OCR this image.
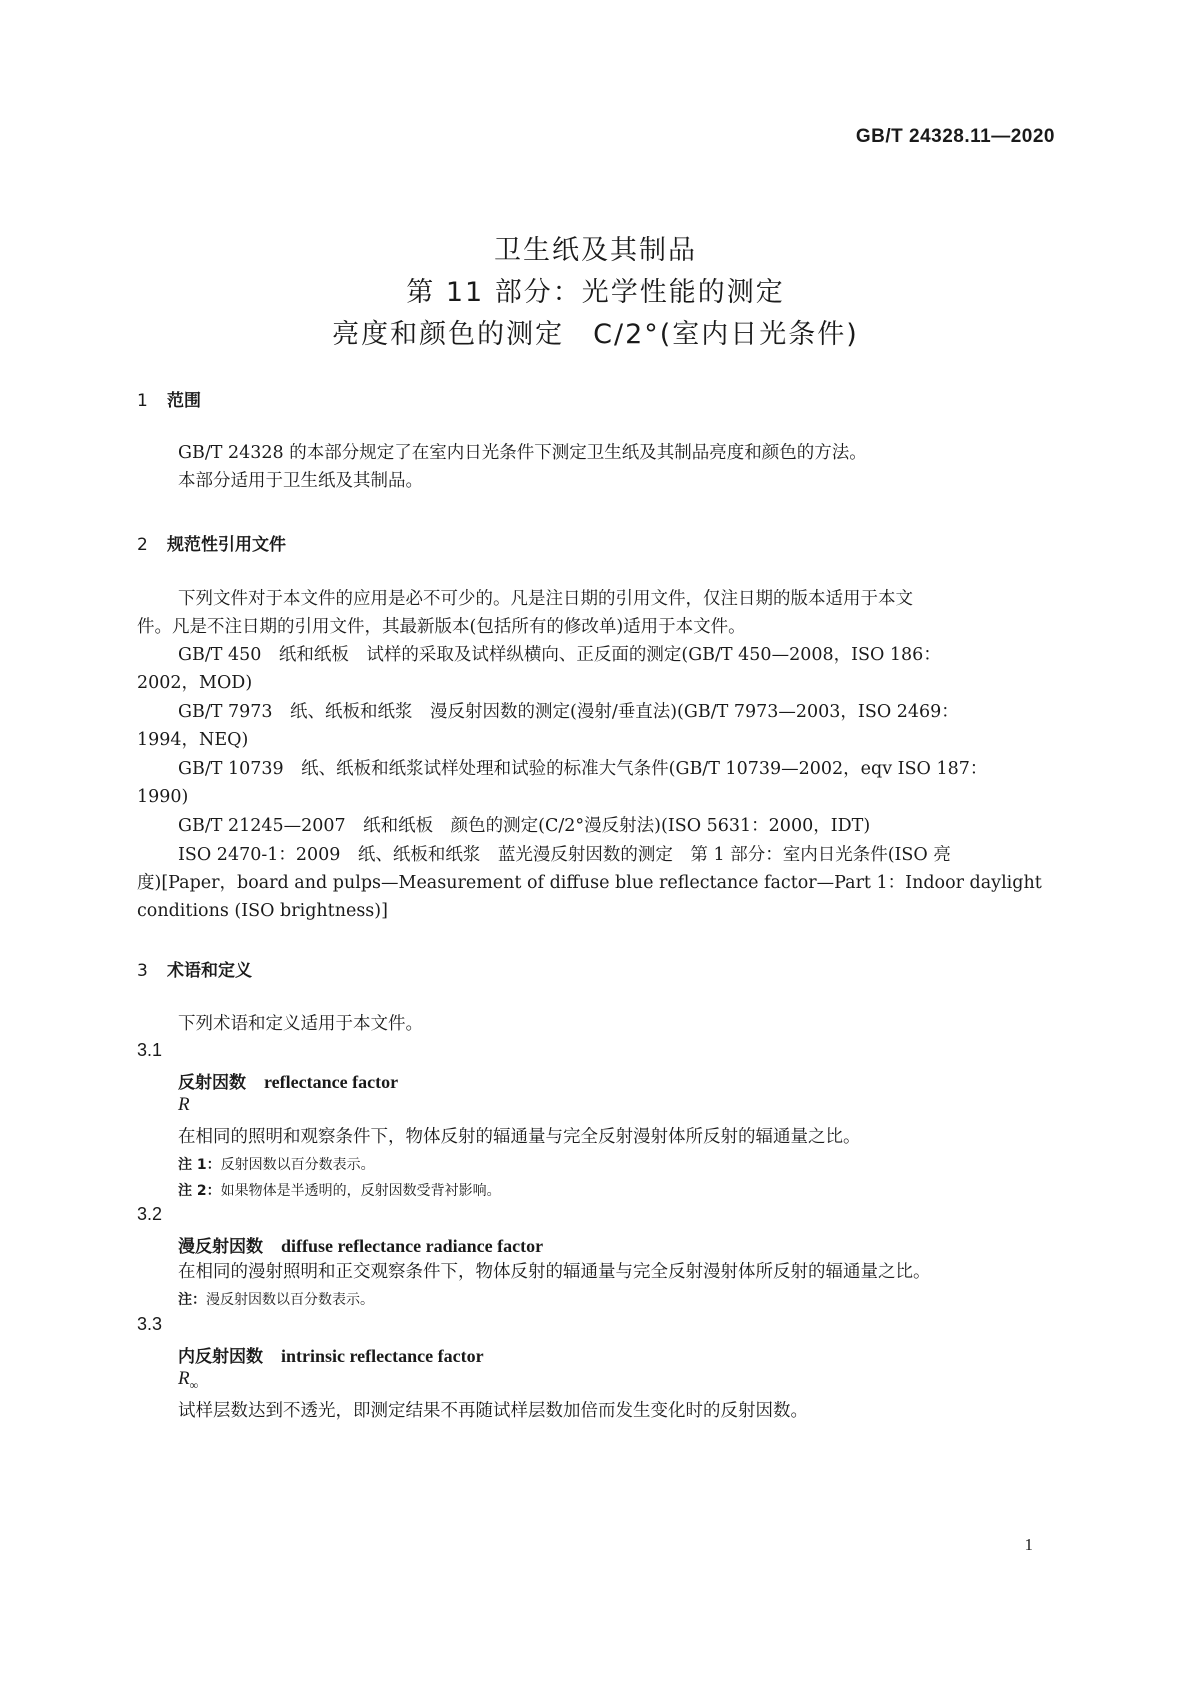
GB/T 24328.11—2020
卫生纸及其制品
第 11 部分：光学性能的测定
亮度和颜色的测定　C/2°(室内日光条件)
1 范围
GB/T 24328 的本部分规定了在室内日光条件下测定卫生纸及其制品亮度和颜色的方法。
本部分适用于卫生纸及其制品。
2 规范性引用文件
下列文件对于本文件的应用是必不可少的。凡是注日期的引用文件，仅注日期的版本适用于本文
件。凡是不注日期的引用文件，其最新版本(包括所有的修改单)适用于本文件。
GB/T 450　纸和纸板　试样的采取及试样纵横向、正反面的测定(GB/T 450—2008，ISO 186：
2002，MOD)
GB/T 7973　纸、纸板和纸浆　漫反射因数的测定(漫射/垂直法)(GB/T 7973—2003，ISO 2469：
1994，NEQ)
GB/T 10739　纸、纸板和纸浆试样处理和试验的标准大气条件(GB/T 10739—2002，eqv ISO 187：
1990)
GB/T 21245—2007　纸和纸板　颜色的测定(C/2°漫反射法)(ISO 5631：2000，IDT)
ISO 2470-1：2009　纸、纸板和纸浆　蓝光漫反射因数的测定　第 1 部分：室内日光条件(ISO 亮
度)[Paper，board and pulps—Measurement of diffuse blue reflectance factor—Part 1：Indoor daylight
conditions (ISO brightness)]
3 术语和定义
下列术语和定义适用于本文件。
3.1
反射因数 reflectance factor
R
在相同的照明和观察条件下，物体反射的辐通量与完全反射漫射体所反射的辐通量之比。
注 1：反射因数以百分数表示。
注 2：如果物体是半透明的，反射因数受背衬影响。
3.2
漫反射因数 diffuse reflectance radiance factor
在相同的漫射照明和正交观察条件下，物体反射的辐通量与完全反射漫射体所反射的辐通量之比。
注：漫反射因数以百分数表示。
3.3
内反射因数 intrinsic reflectance factor
$R_\infty$
试样层数达到不透光，即测定结果不再随试样层数加倍而发生变化时的反射因数。
1
